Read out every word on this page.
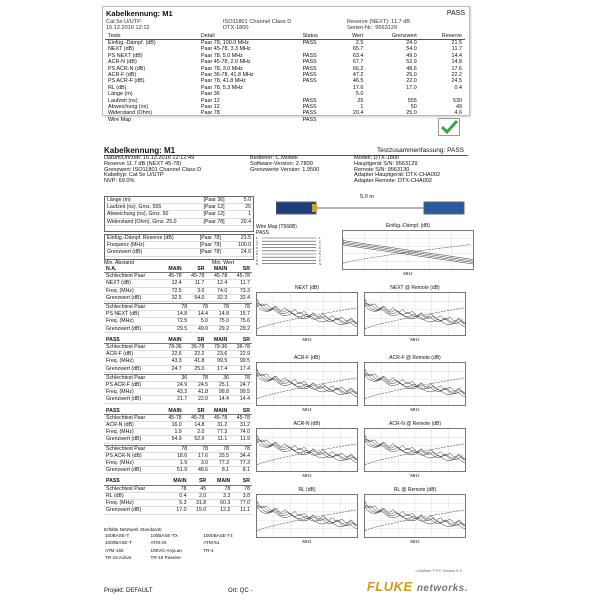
Kabelkennung: M1	PASS
Cat 5e U/UTP
15.12.2016 12:12
ISO11801 Channel Class D
DTX-1800
Reserve (NEXT): 11.7 dB
Serien-Nr.: 9563129
Tests	Detail	Status	Wert	Grenzwert	Reserve
Einfüg.-Dämpf. (dB)	Paar 78, 100.0 MHz	PASS	2.5	24.0	21.5
NEXT (dB)	Paar 45-78, 3.3 MHz		65.7	54.0	11.7
PS NEXT (dB)	Paar 78, 5.0 MHz	PASS	63.4	49.0	14.4
ACR-N (dB)	Paar 45-78, 2.0 MHz	PASS	67.7	52.9	14.8
PS ACR-N (dB)	Paar 78, 3.0 MHz	PASS	66.2	48.6	17.6
ACR-F (dB)	Paar 36-78, 41.8 MHz	PASS	47.2	25.0	22.2
PS ACR-F (dB)	Paar 78, 41.8 MHz	PASS	46.5	22.0	24.5
RL (dB)	Paar 78, 5.3 MHz		17.6	17.0	0.4
Länge (m)	Paar 36		5.0		
Laufzeit (ns)	Paar 12	PASS	25	555	530
Abweichung (ns)	Paar 12	PASS	1	50	49
Widerstand (Ohm)	Paar 78	PASS	20.4	25.0	4.6
Wire Map		PASS			
Kabelkennung: M1	Testzusammenfassung: PASS
Datum/Uhrzeit: 15.12.2016 12:12:49
Reserve 11.7 dB (NEXT 45-78)
Grenzwert: ISO11801 Channel Class D
Kabeltyp: Cat 5e U/UTP
NVP: 69.0%
Bediener: C.Mottek
Software-Version: 2.7800
Grenzwerte Version: 1.9500
Modell: DTX-1800
Hauptgerät S/N: 9563129
Remote S/N: 9563130
Adapter Hauptgerät: DTX-CHA002
Adapter Remote: DTX-CHA002
Länge (m)	[Paar 36]	5.0
Laufzeit (ns), Grnz. 555	[Paar 12]	25
Abweichung (ns), Grnz. 50	[Paar 12]	1
Widerstand (Ohm), Grnz. 25.0	[Paar 78]	20.4
5.0 m
Einfüg.-Dämpf. Reserve (dB)	[Paar 78]	21.5
Frequenz (MHz)	[Paar 78]	100.0
Grenzwert (dB)	[Paar 78]	24.0
Min. Abstand	Min. Wert
Wire Map (T568B)
PASS
1	1
2	2
3	3
6	6
4	4
5	5
7	7
8	8
S	S
N.A.	MAIN	SR	MAIN	SR
Schlechtest Paar	45-78	45-78	45-78	45-78
NEXT (dB)	12.4	11.7	12.4	11.7
Freq. (MHz)	72.5	3.0	74.0	73.3
Grenzwert (dB)	32.5	54.0	32.3	32.4

Schlechtest Paar	78	78	78	78
PS NEXT (dB)	14.8	14.4	14.8	15.7
Freq. (MHz)	72.5	5.0	75.0	75.6
Grenzwert (dB)	29.5	49.0	29.2	29.2
PASS	MAIN	SR	MAIN	SR
Schlechtest Paar	78-36	36-78	78-36	36-78
ACR-F (dB)	22.6	22.2	23.6	22.9
Freq. (MHz)	43.3	41.8	99.5	99.5
Grenzwert (dB)	24.7	25.0	17.4	17.4

Schlechtest Paar	36	78	36	78
PS ACR-F (dB)	24.9	24.5	25.1	24.7
Freq. (MHz)	43.3	41.8	99.8	99.5
Grenzwert (dB)	21.7	22.0	14.4	14.4
PASS	MAIN	SR	MAIN	SR
Schlechtest Paar	45-78	45-78	45-78	45-78
ACR-N (dB)	16.0	14.8	31.2	31.2
Freq. (MHz)	1.9	2.0	77.3	74.0
Grenzwert (dB)	54.9	52.9	11.1	11.9

Schlechtest Paar	78	78	78	78
PS ACR-N (dB)	18.6	17.6	33.5	34.4
Freq. (MHz)	1.9	3.0	77.3	77.3
Grenzwert (dB)	51.9	48.6	8.1	8.1
PASS	MAIN	SR	MAIN	SR
Schlechtest Paar	78	45	78	78
RL (dB)	0.4	2.0	3.3	3.8
Freq. (MHz)	5.3	31.8	60.3	77.0
Grenzwert (dB)	17.0	15.0	12.2	11.1
Erfüllte Netzwerk Standards:
100BASE-T	100BASE-TX	1000BASE-T4
1000BASE-T	ATM-25	ATM-51
ATM-155	100VG-AnyLan	TR-4
TR-16 Active	TR-16 Passive	
Einfüg.-Dämpf. (dB)
MHz
NEXT (dB)
MHz
NEXT @ Remote (dB)
MHz
ACR-F (dB)
MHz
ACR-F @ Remote (dB)
MHz
ACR-N (dB)
MHz
ACR-N @ Remote (dB)
MHz
RL (dB)
MHz
RL @ Remote (dB)
MHz
Projekt: DEFAULT	Ort: QC -
LinkWare™ PC Version 9.X
FLUKE networks.
